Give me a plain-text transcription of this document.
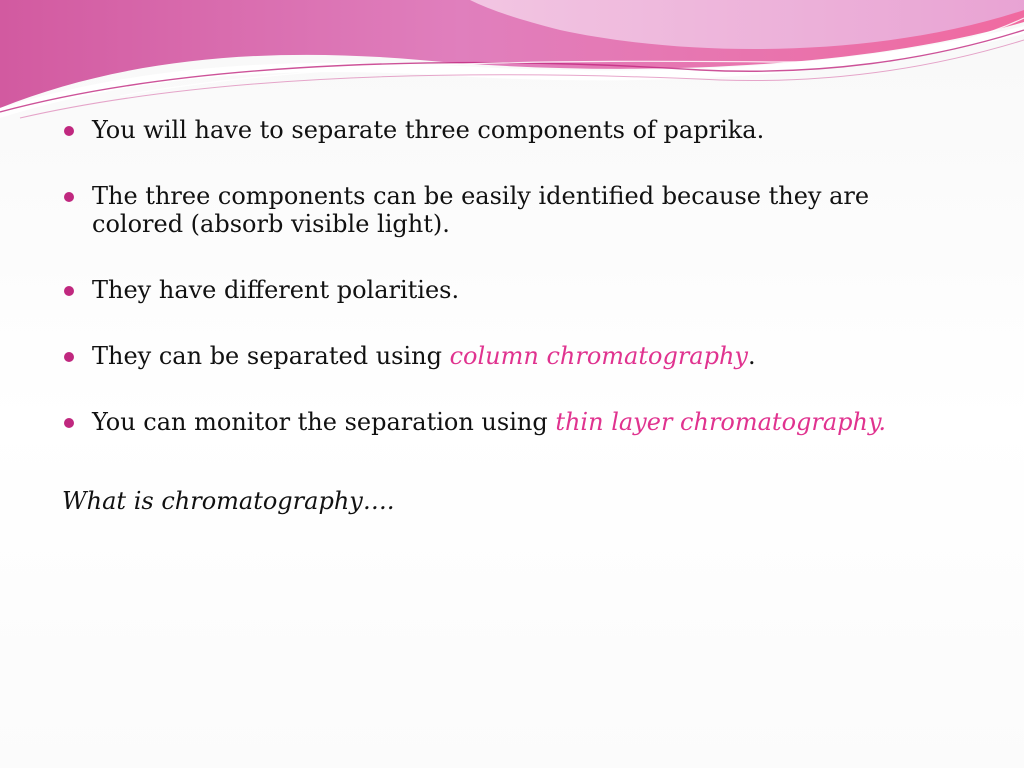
You will have to separate three components of paprika.
The three components can be easily identified because they are colored (absorb visible light).
They have different polarities.
They can be separated using column chromatography.
You can monitor the separation using thin layer chromatography.

What is chromatography….
